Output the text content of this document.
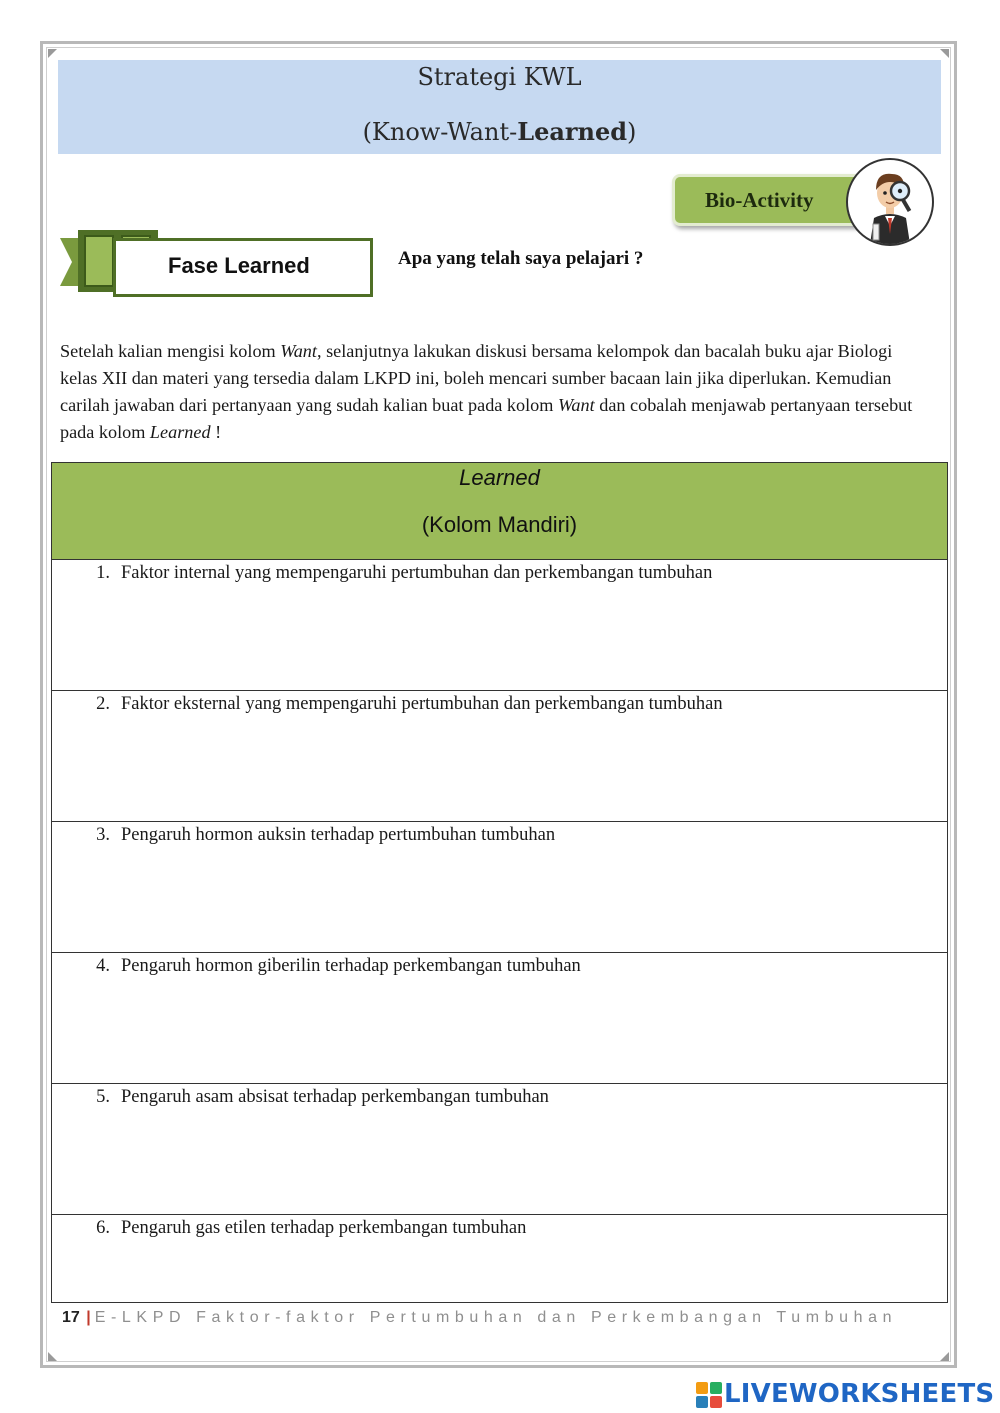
Strategi KWL
(Know-Want-Learned)
Bio-Activity
Fase Learned	Apa yang telah saya pelajari ?
Setelah kalian mengisi kolom Want, selanjutnya lakukan diskusi bersama kelompok dan bacalah buku ajar Biologi kelas XII dan materi yang tersedia dalam LKPD ini, boleh mencari sumber bacaan lain jika diperlukan. Kemudian carilah jawaban dari pertanyaan yang sudah kalian buat pada kolom Want dan cobalah menjawab pertanyaan tersebut pada kolom Learned !
Learned
(Kolom Mandiri)
1. Faktor internal yang mempengaruhi pertumbuhan dan perkembangan tumbuhan
2. Faktor eksternal yang mempengaruhi pertumbuhan dan perkembangan tumbuhan
3. Pengaruh hormon auksin terhadap pertumbuhan tumbuhan
4. Pengaruh hormon giberilin terhadap perkembangan tumbuhan
5. Pengaruh asam absisat terhadap perkembangan tumbuhan
6. Pengaruh gas etilen terhadap perkembangan tumbuhan
17 | E-LKPD Faktor-faktor Pertumbuhan dan Perkembangan Tumbuhan
LIVEWORKSHEETS
